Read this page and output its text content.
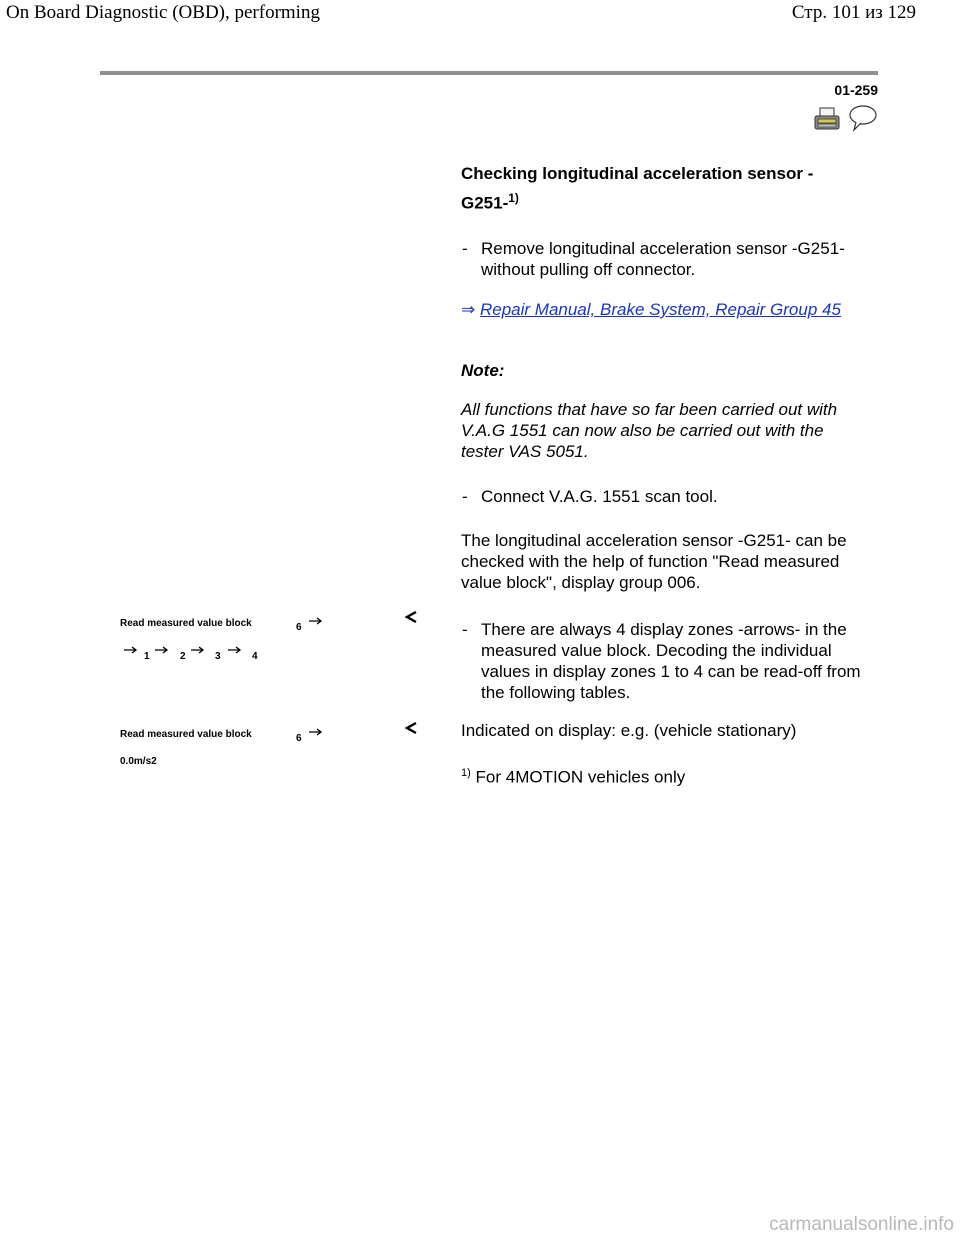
On Board Diagnostic (OBD), performing	Стр. 101 из 129
01-259
Checking longitudinal acceleration sensor -G251-$^{1)}$
- Remove longitudinal acceleration sensor -G251- without pulling off connector.
⇒ Repair Manual, Brake System, Repair Group 45
Note:
All functions that have so far been carried out with V.A.G 1551 can now also be carried out with the tester VAS 5051.
- Connect V.A.G. 1551 scan tool.
The longitudinal acceleration sensor -G251- can be checked with the help of function "Read measured value block", display group 006.
Read measured value block	6
1	2	3	4
- There are always 4 display zones -arrows- in the measured value block. Decoding the individual values in display zones 1 to 4 can be read-off from the following tables.
Read measured value block	6
0.0m/s2
Indicated on display: e.g. (vehicle stationary)
$^{1)}$ For 4MOTION vehicles only
carmanualsonline.info
